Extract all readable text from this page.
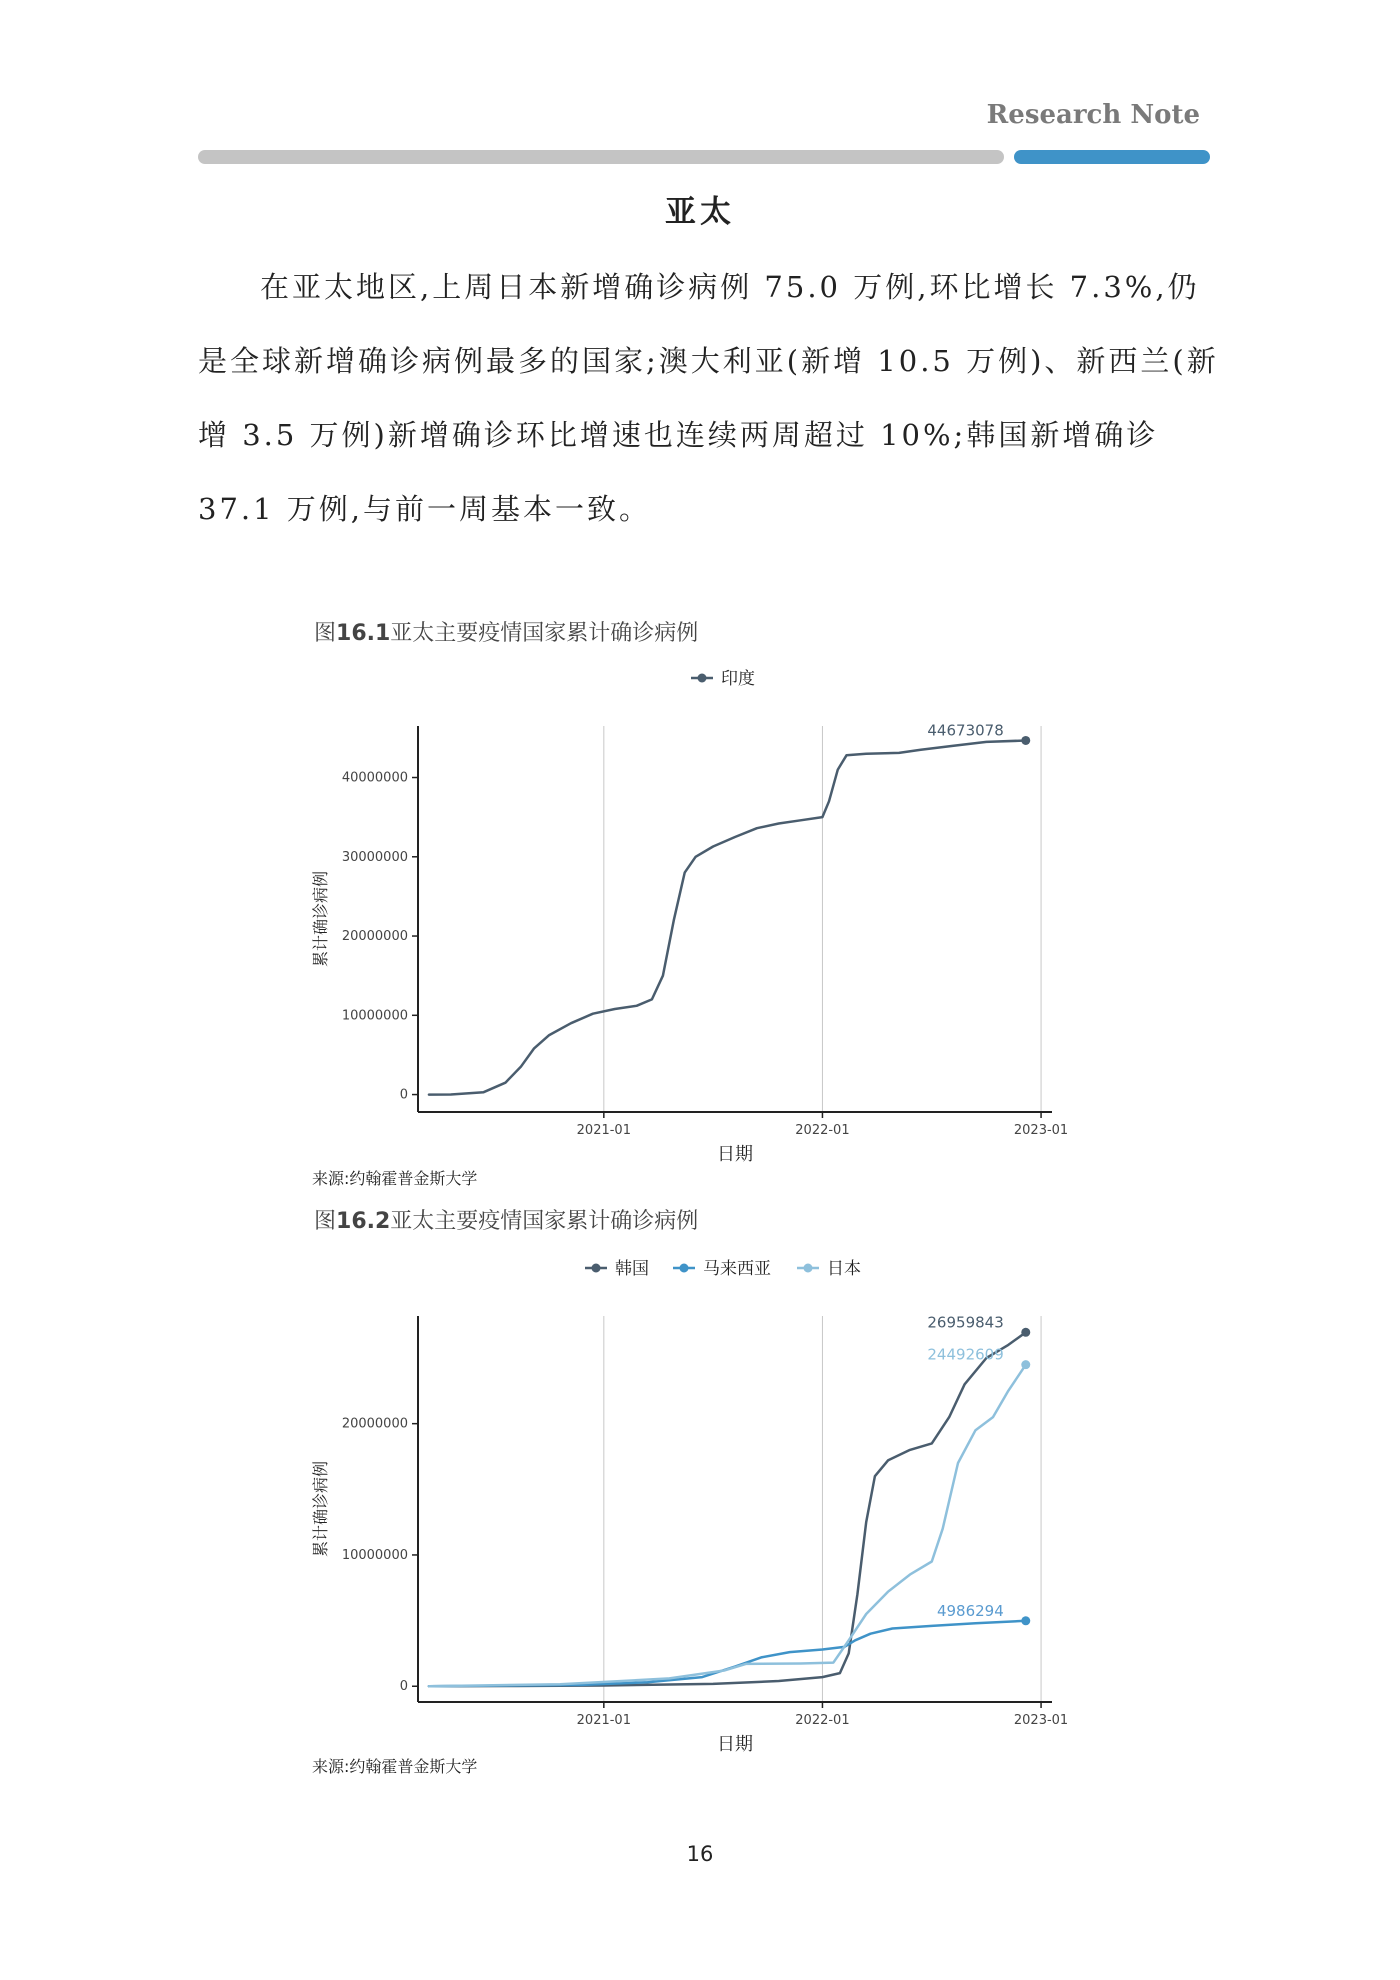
Research Note
亚太

在亚太地区,上周日本新增确诊病例 75.0 万例,环比增长 7.3%,仍是全球新增确诊病例最多的国家;澳大利亚(新增 10.5 万例)、新西兰(新增 3.5 万例)新增确诊环比增速也连续两周超过 10%;韩国新增确诊 37.1 万例,与前一周基本一致。

图16.1亚太主要疫情国家累计确诊病例
2021-01	2022-01	2023-01
0
10000000
20000000
30000000
40000000
日期
累计确诊病例
印度
44673078
来源:约翰霍普金斯大学
图16.2亚太主要疫情国家累计确诊病例
2021-01	2022-01	2023-01
0
10000000
20000000
日期
累计确诊病例
韩国	马来西亚	日本
26959843
4986294
24492609
来源:约翰霍普金斯大学
16
